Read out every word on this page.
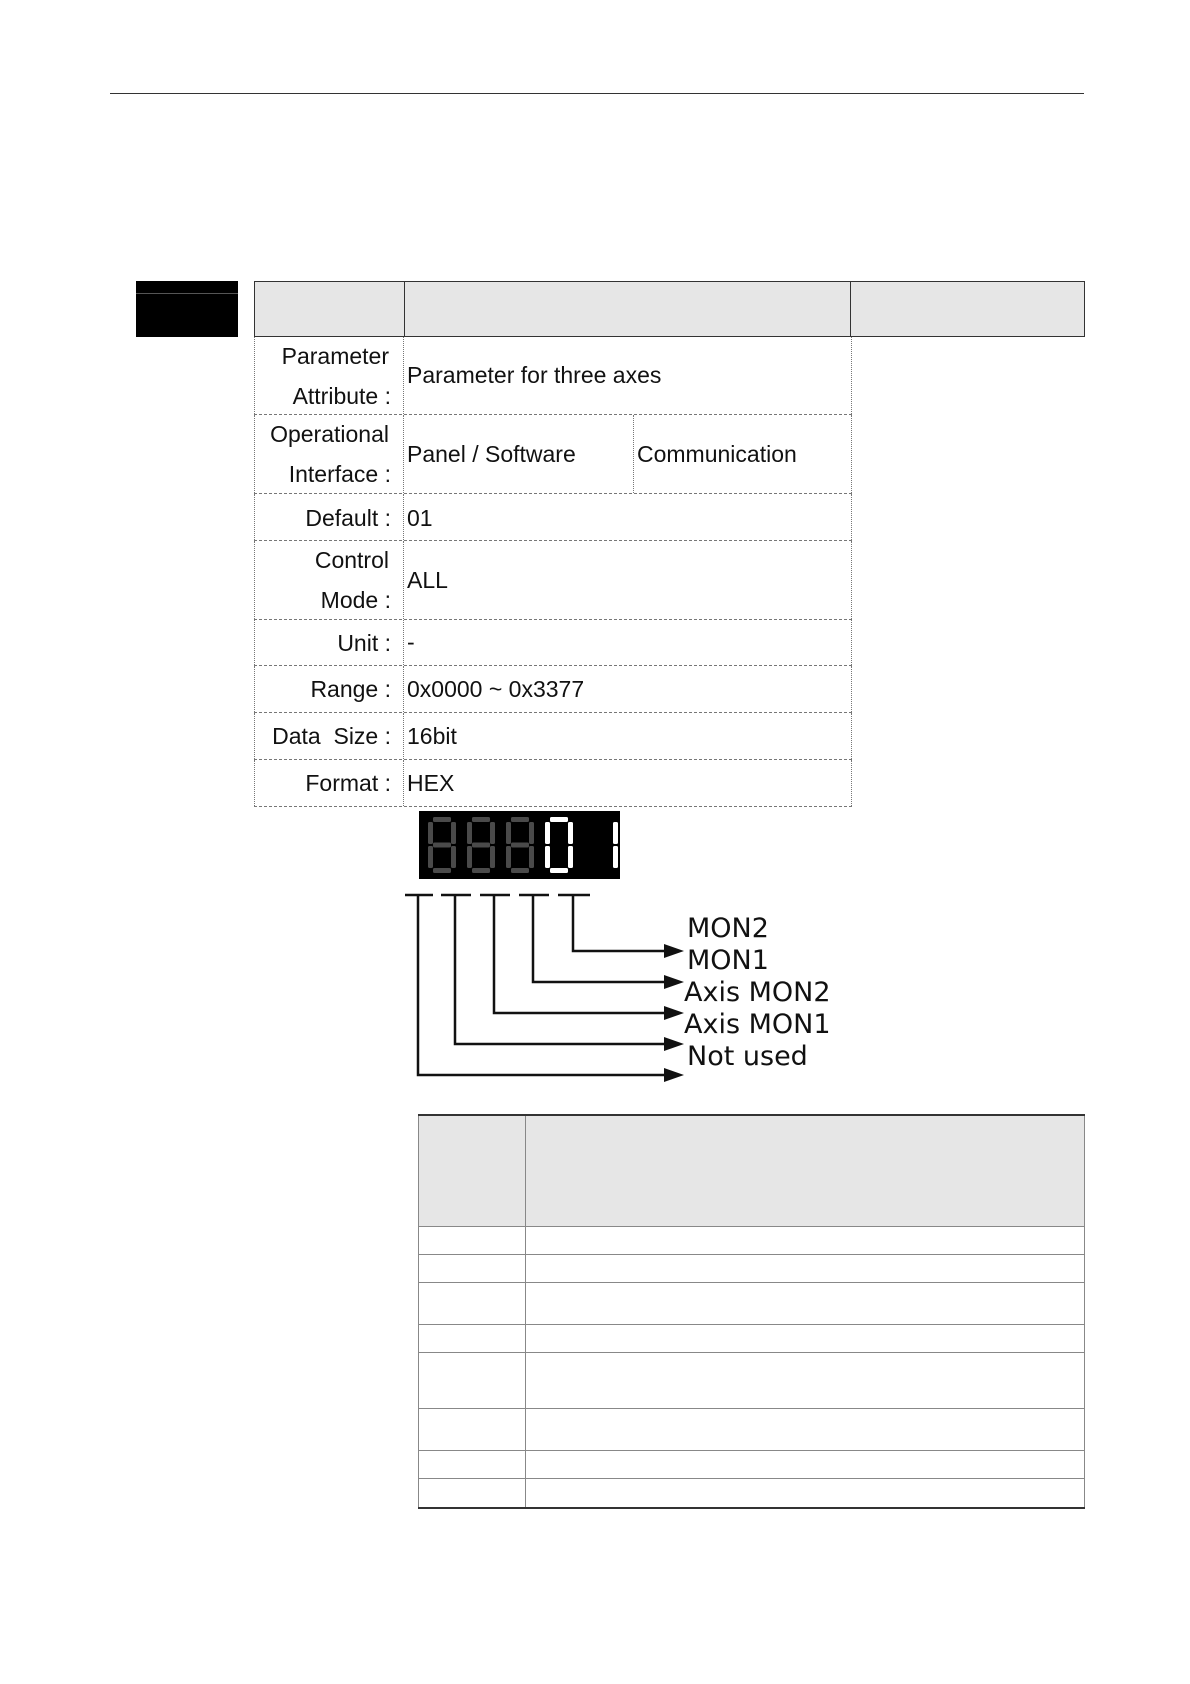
Parameter
Attribute :
Parameter for three axes
Operational
Interface :
Panel / Software	Communication
Default : 01
Control
Mode :
ALL
Unit : -
Range : 0x0000 ~ 0x3377
Data  Size : 16bit
Format : HEX
MON2
MON1
Axis MON2
Axis MON1
Not used
